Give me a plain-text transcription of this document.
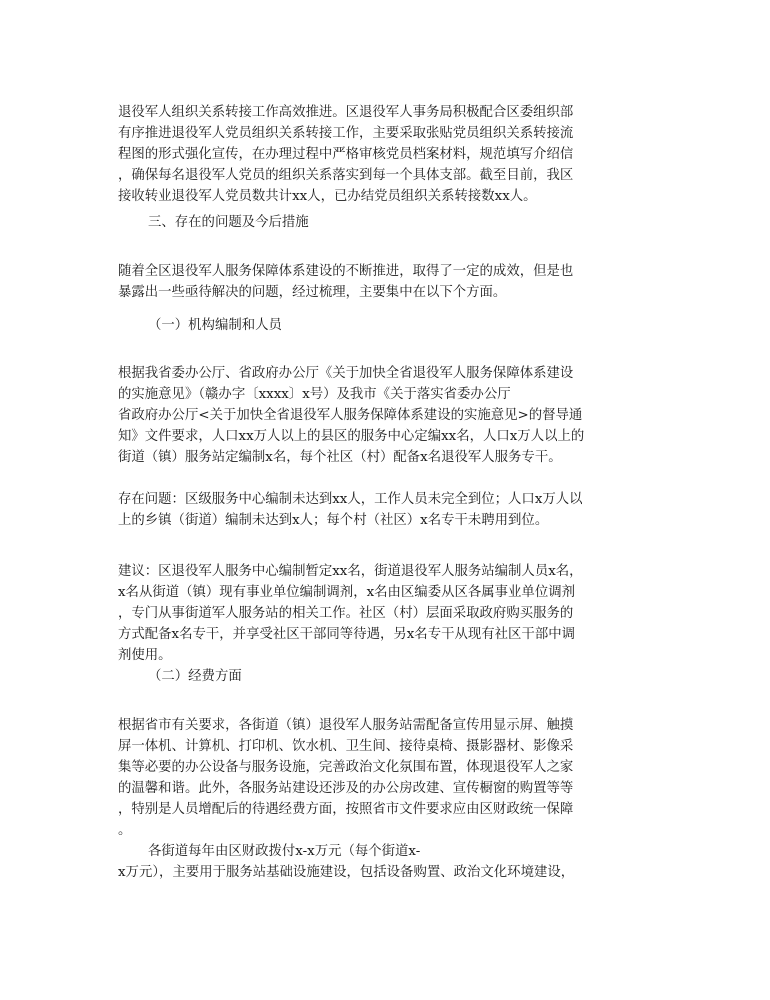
退役军人组织关系转接工作高效推进。区退役军人事务局积极配合区委组织部
有序推进退役军人党员组织关系转接工作，主要采取张贴党员组织关系转接流
程图的形式强化宣传，在办理过程中严格审核党员档案材料，规范填写介绍信
，确保每名退役军人党员的组织关系落实到每一个具体支部。截至目前，我区
接收转业退役军人党员数共计xx人，已办结党员组织关系转接数xx人。
三、存在的问题及今后措施
随着全区退役军人服务保障体系建设的不断推进，取得了一定的成效，但是也
暴露出一些亟待解决的问题，经过梳理，主要集中在以下个方面。
（一）机构编制和人员
根据我省委办公厅、省政府办公厅《关于加快全省退役军人服务保障体系建设
的实施意见》（赣办字〔xxxx〕x号）及我市《关于落实省委办公厅
省政府办公厅<关于加快全省退役军人服务保障体系建设的实施意见>的督导通
知》文件要求，人口xx万人以上的县区的服务中心定编xx名，人口x万人以上的
街道（镇）服务站定编制x名，每个社区（村）配备x名退役军人服务专干。
存在问题：区级服务中心编制未达到xx人，工作人员未完全到位；人口x万人以
上的乡镇（街道）编制未达到x人；每个村（社区）x名专干未聘用到位。
建议：区退役军人服务中心编制暂定xx名，街道退役军人服务站编制人员x名，
x名从街道（镇）现有事业单位编制调剂，x名由区编委从区各属事业单位调剂
，专门从事街道军人服务站的相关工作。社区（村）层面采取政府购买服务的
方式配备x名专干，并享受社区干部同等待遇，另x名专干从现有社区干部中调
剂使用。
（二）经费方面
根据省市有关要求，各街道（镇）退役军人服务站需配备宣传用显示屏、触摸
屏一体机、计算机、打印机、饮水机、卫生间、接待桌椅、摄影器材、影像采
集等必要的办公设备与服务设施，完善政治文化氛围布置，体现退役军人之家
的温馨和谐。此外，各服务站建设还涉及的办公房改建、宣传橱窗的购置等等
，特别是人员增配后的待遇经费方面，按照省市文件要求应由区财政统一保障
。
各街道每年由区财政拨付x-x万元（每个街道x-
x万元），主要用于服务站基础设施建设，包括设备购置、政治文化环境建设，
